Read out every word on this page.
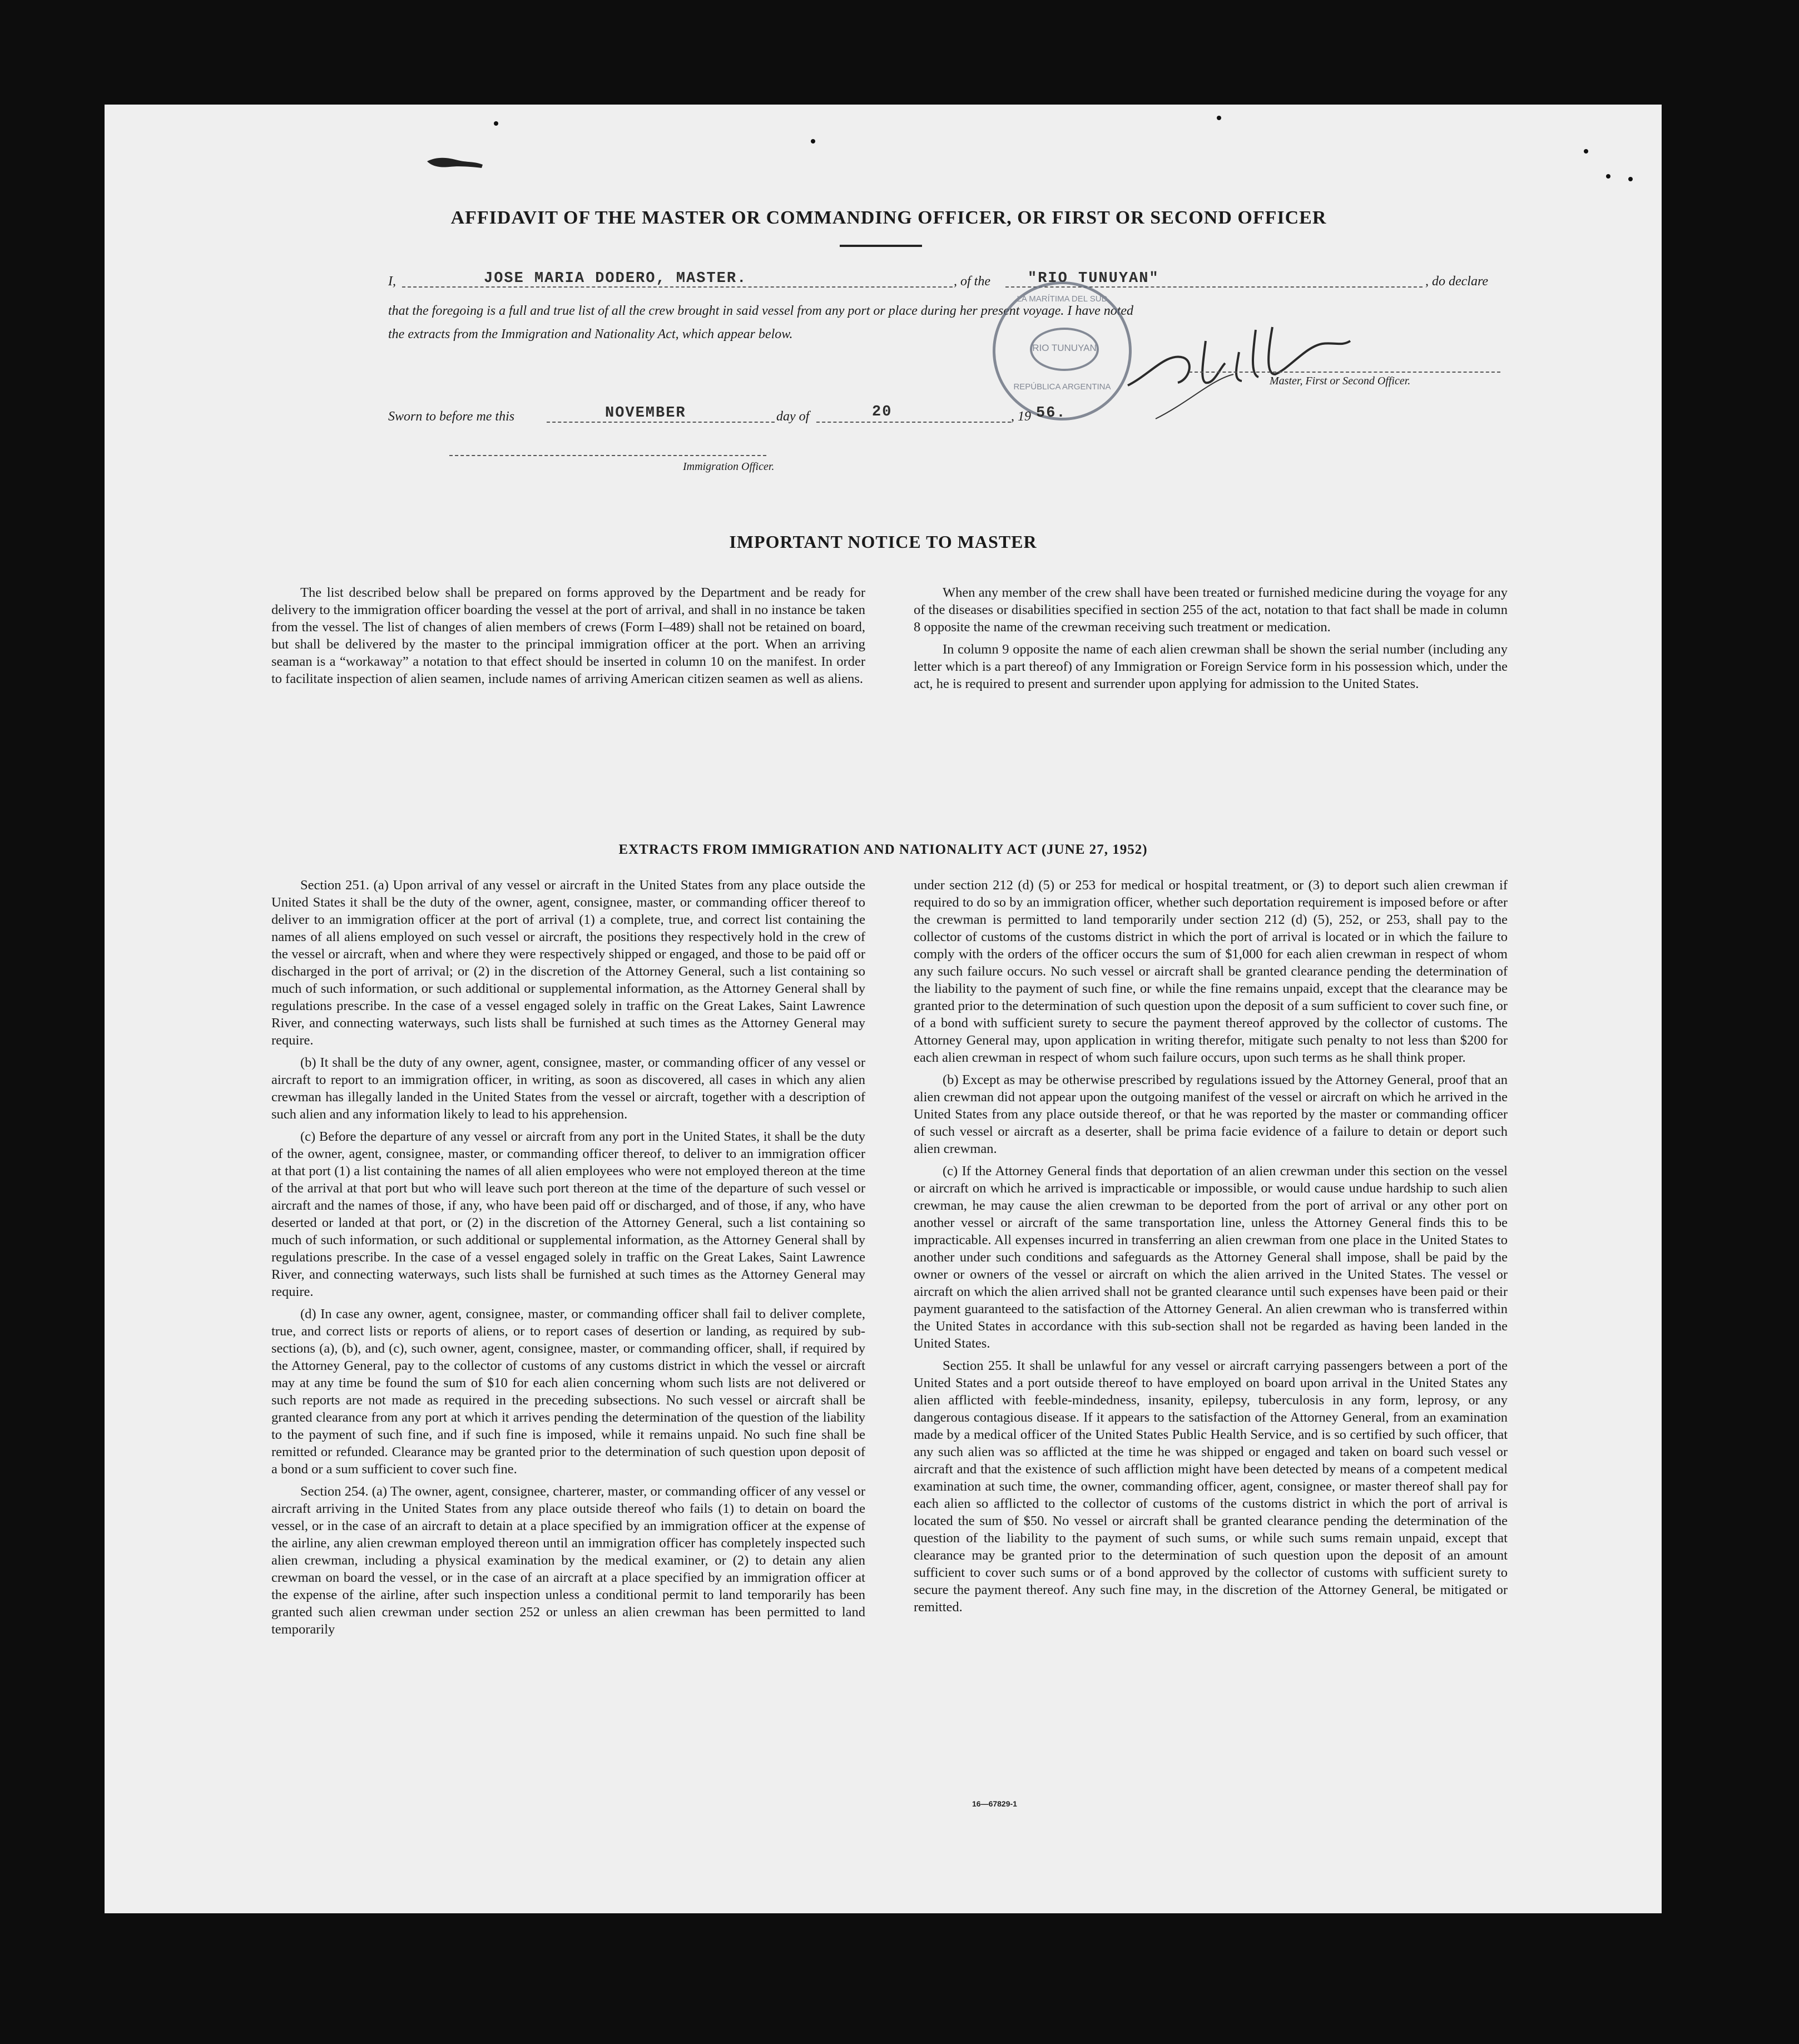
AFFIDAVIT OF THE MASTER OR COMMANDING OFFICER, OR FIRST OR SECOND OFFICER
I,	JOSE MARIA DODERO, MASTER.	, of the "RIO TUNUYAN"	, do declare
that the foregoing is a full and true list of all the crew brought in said vessel from any port or place during her present voyage. I have noted
the extracts from the Immigration and Nationality Act, which appear below.
LA MARÍTIMA DEL SUD
RIO TUNUYAN
REPÚBLICA ARGENTINA	Master, First or Second Officer.
Sworn to before me this	NOVEMBER	day of	20	, 19 56.
Immigration Officer.
IMPORTANT NOTICE TO MASTER

The list described below shall be prepared on forms approved by the Department and be ready for delivery to the immigration officer boarding the vessel at the port of arrival, and shall in no instance be taken from the vessel. The list of changes of alien members of crews (Form I–489) shall not be retained on board, but shall be delivered by the master to the principal immigration officer at the port. When an arriving seaman is a “workaway” a notation to that effect should be inserted in column 10 on the manifest. In order to facilitate inspection of alien seamen, include names of arriving American citizen seamen as well as aliens.

When any member of the crew shall have been treated or furnished medicine during the voyage for any of the diseases or disabilities specified in section 255 of the act, notation to that fact shall be made in column 8 opposite the name of the crewman receiving such treatment or medication.

In column 9 opposite the name of each alien crewman shall be shown the serial number (including any letter which is a part thereof) of any Immigration or Foreign Service form in his possession which, under the act, he is required to present and surrender upon applying for admission to the United States.

EXTRACTS FROM IMMIGRATION AND NATIONALITY ACT (JUNE 27, 1952)

Section 251. (a) Upon arrival of any vessel or aircraft in the United States from any place outside the United States it shall be the duty of the owner, agent, consignee, master, or commanding officer thereof to deliver to an immigration officer at the port of arrival (1) a complete, true, and correct list containing the names of all aliens employed on such vessel or aircraft, the positions they respectively hold in the crew of the vessel or aircraft, when and where they were respectively shipped or engaged, and those to be paid off or discharged in the port of arrival; or (2) in the discretion of the Attorney General, such a list containing so much of such information, or such additional or supplemental information, as the Attorney General shall by regulations prescribe. In the case of a vessel engaged solely in traffic on the Great Lakes, Saint Lawrence River, and connecting waterways, such lists shall be furnished at such times as the Attorney General may require.

(b) It shall be the duty of any owner, agent, consignee, master, or commanding officer of any vessel or aircraft to report to an immigration officer, in writing, as soon as discovered, all cases in which any alien crewman has illegally landed in the United States from the vessel or aircraft, together with a description of such alien and any information likely to lead to his apprehension.

(c) Before the departure of any vessel or aircraft from any port in the United States, it shall be the duty of the owner, agent, consignee, master, or commanding officer thereof, to deliver to an immigration officer at that port (1) a list containing the names of all alien employees who were not employed thereon at the time of the arrival at that port but who will leave such port thereon at the time of the departure of such vessel or aircraft and the names of those, if any, who have been paid off or discharged, and of those, if any, who have deserted or landed at that port, or (2) in the discretion of the Attorney General, such a list containing so much of such information, or such additional or supplemental information, as the Attorney General shall by regulations prescribe. In the case of a vessel engaged solely in traffic on the Great Lakes, Saint Lawrence River, and connecting waterways, such lists shall be furnished at such times as the Attorney General may require.

(d) In case any owner, agent, consignee, master, or commanding officer shall fail to deliver complete, true, and correct lists or reports of aliens, or to report cases of desertion or landing, as required by sub-sections (a), (b), and (c), such owner, agent, consignee, master, or commanding officer, shall, if required by the Attorney General, pay to the collector of customs of any customs district in which the vessel or aircraft may at any time be found the sum of $10 for each alien concerning whom such lists are not delivered or such reports are not made as required in the preceding subsections. No such vessel or aircraft shall be granted clearance from any port at which it arrives pending the determination of the question of the liability to the payment of such fine, and if such fine is imposed, while it remains unpaid. No such fine shall be remitted or refunded. Clearance may be granted prior to the determination of such question upon deposit of a bond or a sum sufficient to cover such fine.

Section 254. (a) The owner, agent, consignee, charterer, master, or commanding officer of any vessel or aircraft arriving in the United States from any place outside thereof who fails (1) to detain on board the vessel, or in the case of an aircraft to detain at a place specified by an immigration officer at the expense of the airline, any alien crewman employed thereon until an immigration officer has completely inspected such alien crewman, including a physical examination by the medical examiner, or (2) to detain any alien crewman on board the vessel, or in the case of an aircraft at a place specified by an immigration officer at the expense of the airline, after such inspection unless a conditional permit to land temporarily has been granted such alien crewman under section 252 or unless an alien crewman has been permitted to land temporarily

under section 212 (d) (5) or 253 for medical or hospital treatment, or (3) to deport such alien crewman if required to do so by an immigration officer, whether such deportation requirement is imposed before or after the crewman is permitted to land temporarily under section 212 (d) (5), 252, or 253, shall pay to the collector of customs of the customs district in which the port of arrival is located or in which the failure to comply with the orders of the officer occurs the sum of $1,000 for each alien crewman in respect of whom any such failure occurs. No such vessel or aircraft shall be granted clearance pending the determination of the liability to the payment of such fine, or while the fine remains unpaid, except that the clearance may be granted prior to the determination of such question upon the deposit of a sum sufficient to cover such fine, or of a bond with sufficient surety to secure the payment thereof approved by the collector of customs. The Attorney General may, upon application in writing therefor, mitigate such penalty to not less than $200 for each alien crewman in respect of whom such failure occurs, upon such terms as he shall think proper.

(b) Except as may be otherwise prescribed by regulations issued by the Attorney General, proof that an alien crewman did not appear upon the outgoing manifest of the vessel or aircraft on which he arrived in the United States from any place outside thereof, or that he was reported by the master or commanding officer of such vessel or aircraft as a deserter, shall be prima facie evidence of a failure to detain or deport such alien crewman.

(c) If the Attorney General finds that deportation of an alien crewman under this section on the vessel or aircraft on which he arrived is impracticable or impossible, or would cause undue hardship to such alien crewman, he may cause the alien crewman to be deported from the port of arrival or any other port on another vessel or aircraft of the same transportation line, unless the Attorney General finds this to be impracticable. All expenses incurred in transferring an alien crewman from one place in the United States to another under such conditions and safeguards as the Attorney General shall impose, shall be paid by the owner or owners of the vessel or aircraft on which the alien arrived in the United States. The vessel or aircraft on which the alien arrived shall not be granted clearance until such expenses have been paid or their payment guaranteed to the satisfaction of the Attorney General. An alien crewman who is transferred within the United States in accordance with this sub-section shall not be regarded as having been landed in the United States.

Section 255. It shall be unlawful for any vessel or aircraft carrying passengers between a port of the United States and a port outside thereof to have employed on board upon arrival in the United States any alien afflicted with feeble-mindedness, insanity, epilepsy, tuberculosis in any form, leprosy, or any dangerous contagious disease. If it appears to the satisfaction of the Attorney General, from an examination made by a medical officer of the United States Public Health Service, and is so certified by such officer, that any such alien was so afflicted at the time he was shipped or engaged and taken on board such vessel or aircraft and that the existence of such affliction might have been detected by means of a competent medical examination at such time, the owner, commanding officer, agent, consignee, or master thereof shall pay for each alien so afflicted to the collector of customs of the customs district in which the port of arrival is located the sum of $50. No vessel or aircraft shall be granted clearance pending the determination of the question of the liability to the payment of such sums, or while such sums remain unpaid, except that clearance may be granted prior to the determination of such question upon the deposit of an amount sufficient to cover such sums or of a bond approved by the collector of customs with sufficient surety to secure the payment thereof. Any such fine may, in the discretion of the Attorney General, be mitigated or remitted.

16—67829-1
